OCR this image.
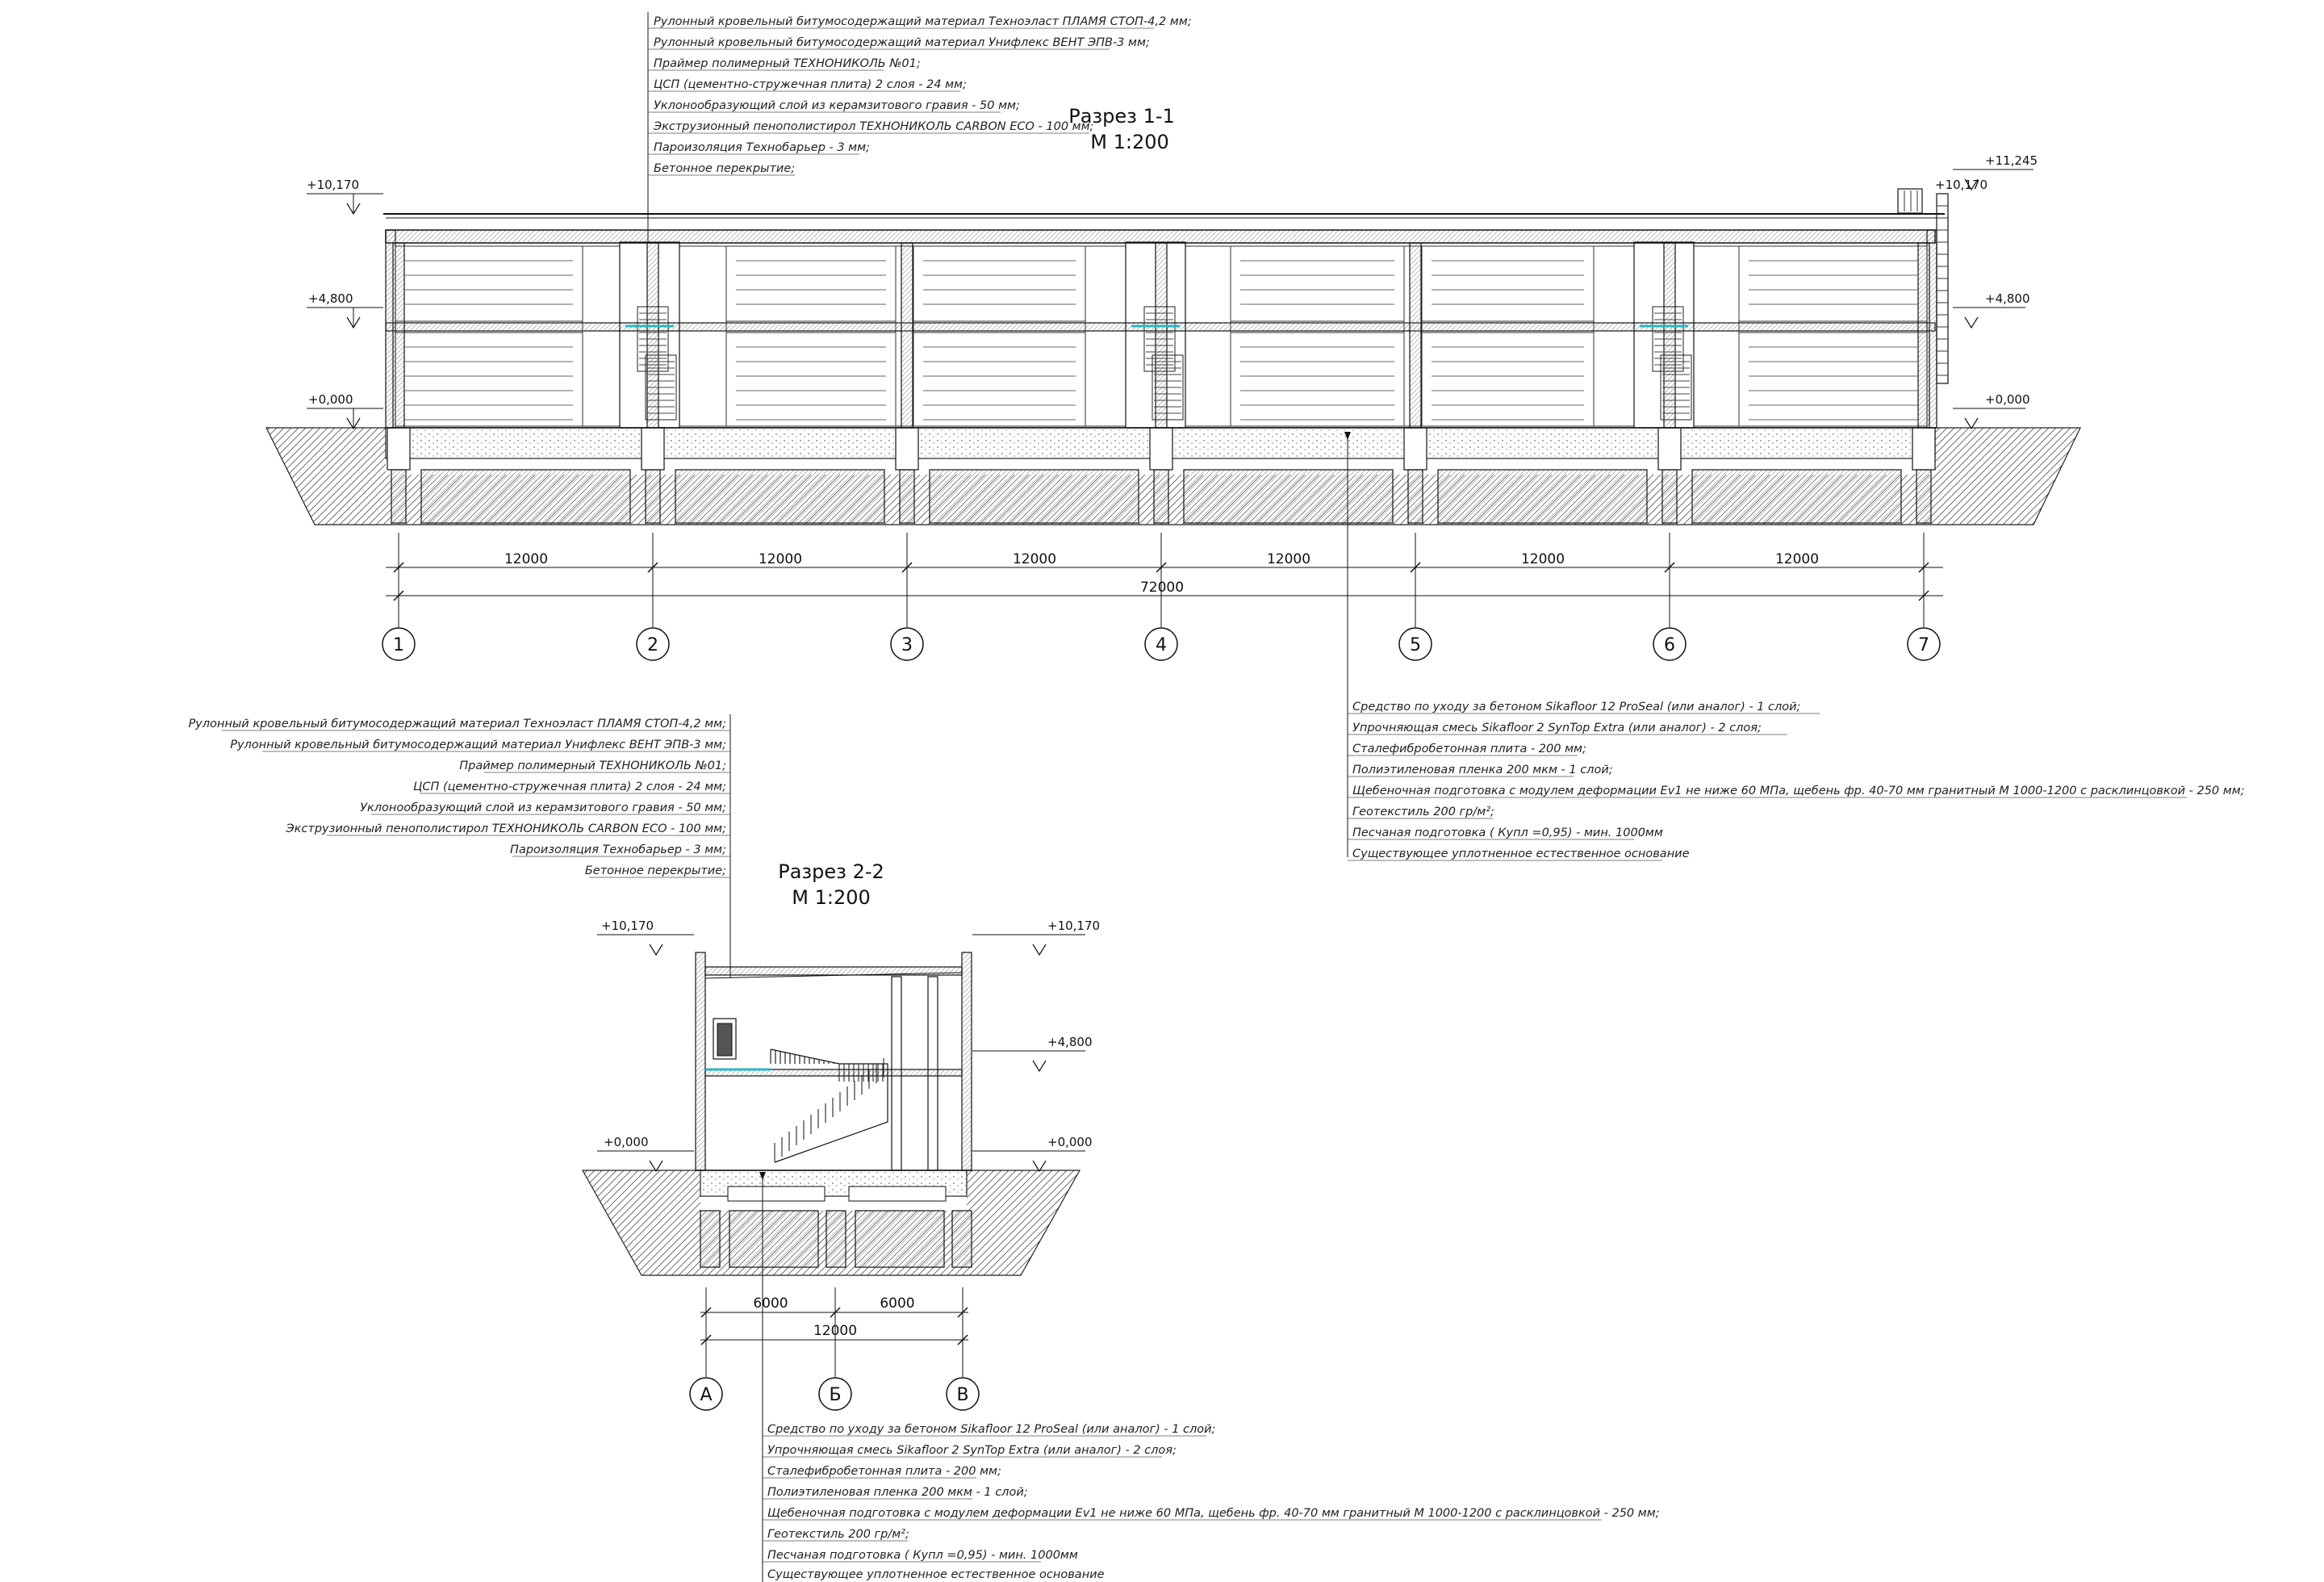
Разрез 1-1
М 1:200
+10,170
+4,800
+0,000
+11,245
+10,170
+4,800
+0,000
12000	12000	12000	12000	12000	12000
72000
1	2	3	4	5	6	7
Рулонный кровельный битумосодержащий материал Техноэласт ПЛАМЯ СТОП-4,2 мм;
Рулонный кровельный битумосодержащий материал Унифлекс ВЕНТ ЭПВ-3 мм;
Праймер полимерный ТЕХНОНИКОЛЬ №01;
ЦСП (цементно-стружечная плита) 2 слоя - 24 мм;
Уклонообразующий слой из керамзитового гравия - 50 мм;
Экструзионный пенополистирол ТЕХНОНИКОЛЬ CARBON ECO - 100 мм;
Пароизоляция Технобарьер - 3 мм;
Бетонное перекрытие;
Средство по уходу за бетоном Sikafloor 12 ProSeal (или аналог) - 1 слой;
Упрочняющая смесь Sikafloor 2 SynTop Extra (или аналог) - 2 слоя;
Сталефибробетонная плита - 200 мм;
Полиэтиленовая пленка 200 мкм - 1 слой;
Щебеночная подготовка с модулем деформации Ev1 не ниже 60 МПа, щебень фр. 40-70 мм гранитный М 1000-1200 с расклинцовкой - 250 мм;
Геотекстиль 200 гр/м²;
Песчаная подготовка ( Купл =0,95) - мин. 1000мм
Существующее уплотненное естественное основание
Разрез 2-2
М 1:200
+10,170	+10,170
+4,800
+0,000	+0,000
6000	6000
12000
А	Б	В
Рулонный кровельный битумосодержащий материал Техноэласт ПЛАМЯ СТОП-4,2 мм;
Рулонный кровельный битумосодержащий материал Унифлекс ВЕНТ ЭПВ-3 мм;
Праймер полимерный ТЕХНОНИКОЛЬ №01;
ЦСП (цементно-стружечная плита) 2 слоя - 24 мм;
Уклонообразующий слой из керамзитового гравия - 50 мм;
Экструзионный пенополистирол ТЕХНОНИКОЛЬ CARBON ECO - 100 мм;
Пароизоляция Технобарьер - 3 мм;
Бетонное перекрытие;
Средство по уходу за бетоном Sikafloor 12 ProSeal (или аналог) - 1 слой;
Упрочняющая смесь Sikafloor 2 SynTop Extra (или аналог) - 2 слоя;
Сталефибробетонная плита - 200 мм;
Полиэтиленовая пленка 200 мкм - 1 слой;
Щебеночная подготовка с модулем деформации Ev1 не ниже 60 МПа, щебень фр. 40-70 мм гранитный М 1000-1200 с расклинцовкой - 250 мм;
Геотекстиль 200 гр/м²;
Песчаная подготовка ( Купл =0,95) - мин. 1000мм
Существующее уплотненное естественное основание
